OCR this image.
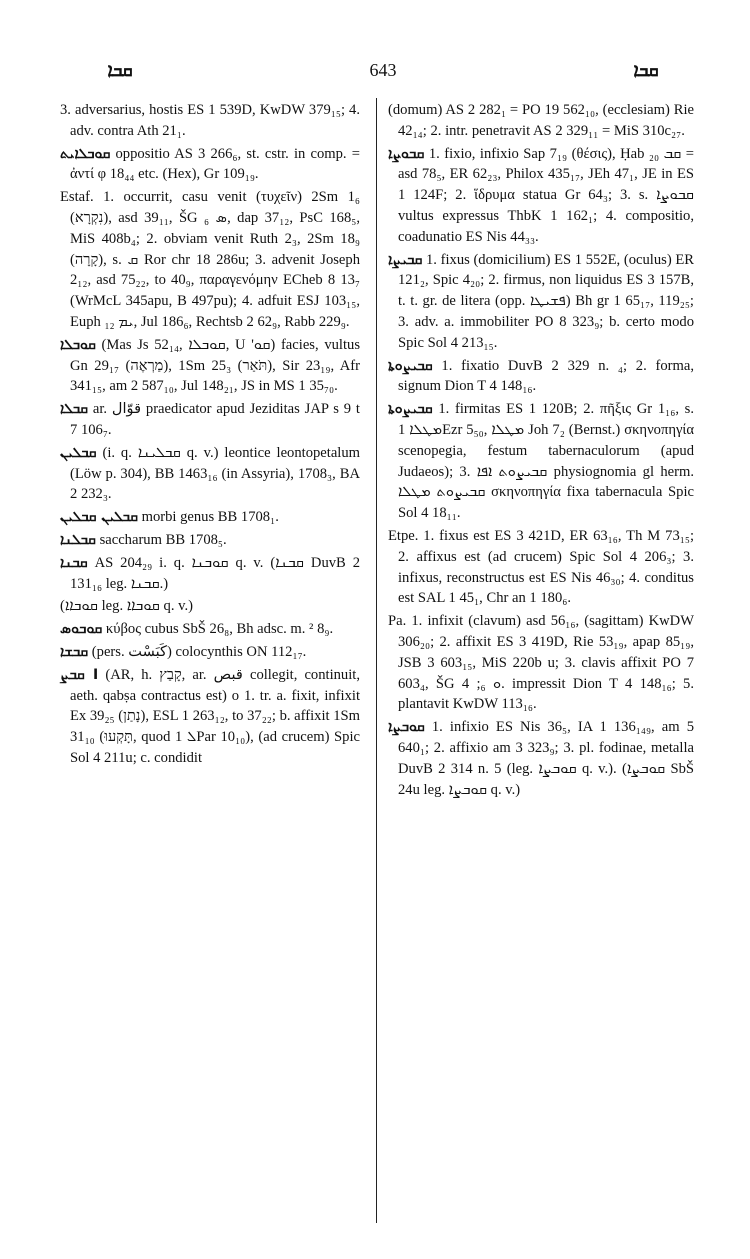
ܩܒܐ	643	ܩܒܐ

3. adversarius, hostis ES 1 539D, KwDW 379₁₅; 4. adv. contra Ath 21₁.

ܩܘܒܠܐܝܬ oppositio AS 3 266₆, st. cstr. in comp. = ἀντί φ 18₄₄ etc. (Hex), Gr 109₁₉.

Estaf. 1. occurrit, casu venit (τυχεῖν) 2Sm 1₆ (נִקְרָא), asd 39₁₁, ŠG ܣ ₆, dap 37₁₂, PsC 168₅, MiS 408b₄; 2. obviam venit Ruth 2₃, 2Sm 18₉ (קָרָה), s. ܩ Ror chr 18 286u; 3. advenit Joseph 2₁₂, asd 75₂₂, to 40₉, παραγενόμην ECheb 8 13₇ (WrMcL 345apu, B 497pu); 4. adfuit ESJ 103₁₅, Euph ܝܡ ₁₂, Jul 186₆, Rechtsb 2 62₉, Rabb 229₉.

ܩܘܒܠܐ (Mas Js 52₁₄, ܩܘܒܠܐ, U 'ܩܘ) facies, vultus Gn 29₁₇ (מַרְאֶה), 1Sm 25₃ (תֹּאַר), Sir 23₁₉, Afr 341₁₅, am 2 587₁₀, Jul 148₂₁, JS in MS 1 35₇₀.

ܩܒܠܐ ar. قوّال praedicator apud Jeziditas JAP s 9 t 7 106₇.

ܩܒܠܝܢ (i. q. ܩܒܠܝܢܐ q. v.) leontice leontopetalum (Löw p. 304), BB 1463₁₆ (in Assyria), 1708₃, BA 2 232₃.

ܩܒܠܝܢ ܩܒܠܝܢ morbi genus BB 1708₁.

ܩܒܠܢܐ saccharum BB 1708₅.

ܩܒܢܐ AS 204₂₉ i. q. ܩܘܒܢܐ q. v. (ܩܒܢܐ DuvB 2 131₁₆ leg. ܩܒܢܐ.)

(ܩܘܒܐܐ leg. ܩܘܒܐܐ q. v.)

ܩܘܒܘܣ κύβος cubus SbŠ 26₈, Bh adsc. m. ² 8₉.

ܩܒܫܐ (pers. كَبَسْت) colocynthis ON 112₁₇.

I ܩܒܨ (AR, h. קָבַץ, ar. قبص collegit, continuit, aeth. qabṣa contractus est) o 1. tr. a. fixit, infixit Ex 39₂₅ (נָתַן), ESL 1 263₁₂, to 37₂₂; b. affixit 1Sm 31₁₀ (תָּקְעוּ, quod ܠ 1Par 10₁₀), (ad crucem) Spic Sol 4 211u; c. condidit

(domum) AS 2 282₁ = PO 19 562₁₀, (ecclesiam) Rie 42₁₄; 2. intr. penetravit AS 2 329₁₁ = MiS 310c₂₇.

ܩܒܘܨܐ 1. fixio, infixio Sap 7₁₉ (θέσις), Ḥab ܩܒ ₂₀ = asd 78₅, ER 62₂₃, Philox 435₁₇, JEh 47₁, JE in ES 1 124F; 2. ἵδρυμα statua Gr 64₃; 3. s. ܩܒܘܨܐ vultus expressus ThbK 1 162₁; 4. compositio, coadunatio ES Nis 44₃₃.

ܩܒܝܨܐ 1. fixus (domicilium) ES 1 552E, (oculus) ER 121₂, Spic 4₂₀; 2. firmus, non liquidus ES 3 157B, t. t. gr. de litera (opp. ܦܫܝܛܐ) Bh gr 1 65₁₇, 119₂₅; 3. adv. a. immobiliter PO 8 323₉; b. certo modo Spic Sol 4 213₁₅.

ܩܒܝܨܘܬܐ 1. fixatio DuvB 2 329 n. ₄; 2. forma, signum Dion T 4 148₁₆.

ܩܒܝܨܘܬܐ 1. firmitas ES 1 120B; 2. πῆξις Gr 1₁₆, s. ܡܛܠܐ 1Ezr 5₅₀, ܡܛܠܐ Joh 7₂ (Bernst.) σκηνοπηγία scenopegia, festum tabernaculorum (apud Judaeos); 3. ܩܒܝܨܘܬ ܐܦܐ physiognomia gl herm. ܩܒܝܨܘܬ ܡܛܠܐ σκηνοπηγία fixa tabernacula Spic Sol 4 18₁₁.

Etpe. 1. fixus est ES 3 421D, ER 63₁₆, Th M 73₁₅; 2. affixus est (ad crucem) Spic Sol 4 206₃; 3. infixus, reconstructus est ES Nis 46₃₀; 4. conditus est SAL 1 45₁, Chr an 1 180₆.

Pa. 1. infixit (clavum) asd 56₁₆, (sagittam) KwDW 306₂₀; 2. affixit ES 3 419D, Rie 53₁₉, apap 85₁₉, JSB 3 603₁₅, MiS 220b u; 3. clavis affixit PO 7 603₄, ŠG ܘ ₆; 4. impressit Dion T 4 148₁₆; 5. plantavit KwDW 113₁₆.

ܩܘܒܨܐ 1. infixio ES Nis 36₅, IA 1 136₁₄₉, am 5 640₁; 2. affixio am 3 323₉; 3. pl. fodinae, metalla DuvB 2 314 n. 5 (leg. ܩܘܒܨܐ q. v.). (ܩܘܒܨܐ SbŠ 24u leg. ܩܘܒܨܐ q. v.)
